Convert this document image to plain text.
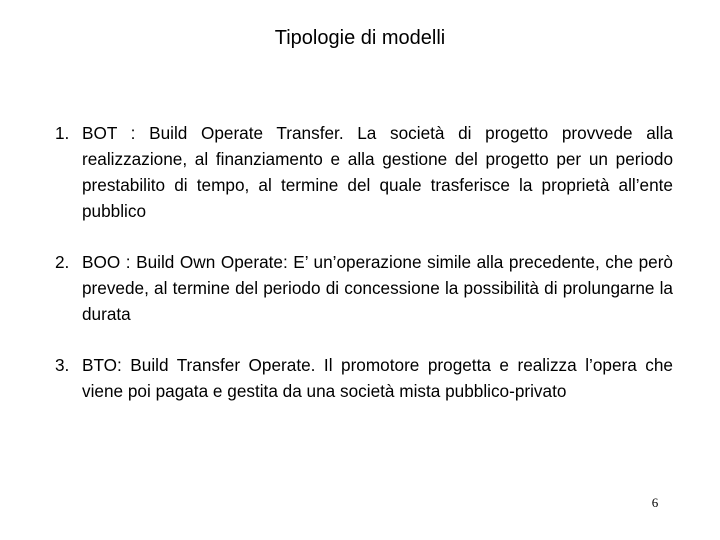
Tipologie di modelli
1. BOT : Build Operate Transfer. La società di progetto provvede alla realizzazione, al finanziamento e alla gestione del progetto per un periodo prestabilito di tempo, al termine del quale trasferisce la proprietà all’ente pubblico
2. BOO : Build Own Operate: E’ un’operazione simile alla precedente, che però prevede, al termine del periodo di concessione la possibilità di prolungarne la durata
3. BTO: Build Transfer Operate. Il promotore progetta e realizza l’opera che viene poi pagata e gestita da una società mista pubblico-privato
6
